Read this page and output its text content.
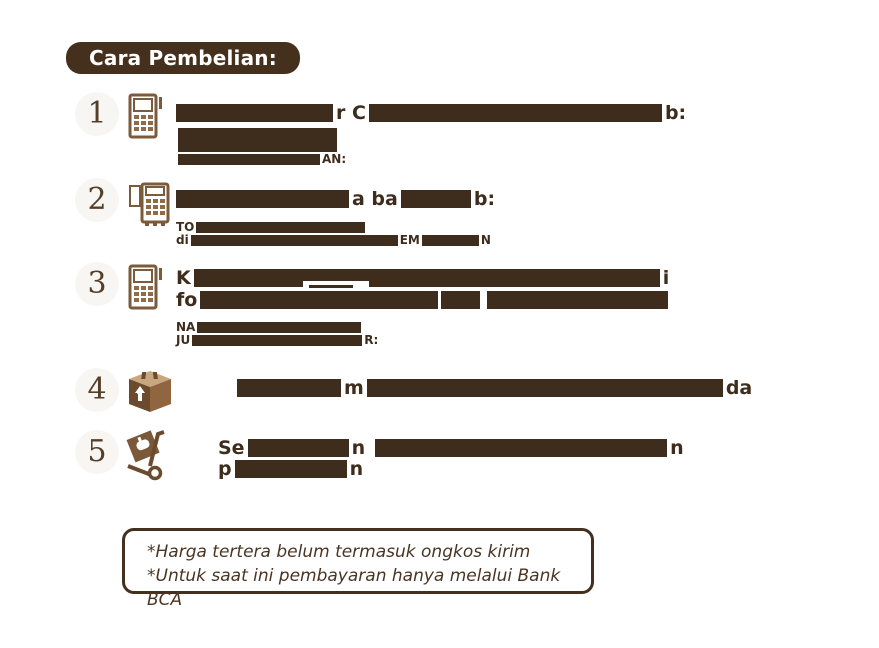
Cara Pembelian:
1	r C	b:
AN:
2	a ba	b:
TO
di	EM	N
3	K	i
fo
NA
JU	R:
4	m	da
5	Se	n	n
p	n
*Harga tertera belum termasuk ongkos kirim
*Untuk saat ini pembayaran hanya melalui Bank BCA
